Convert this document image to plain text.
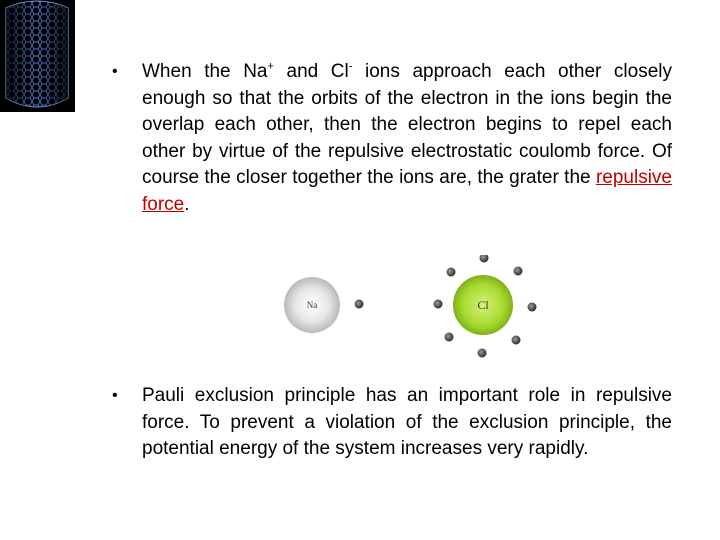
• When the Na+ and Cl- ions approach each other closely enough so that the orbits of the electron in the ions begin the overlap each other, then the electron begins to repel each other by virtue of the repulsive electrostatic coulomb force. Of course the closer together the ions are, the grater the repulsive force.
Na	Cl
• Pauli exclusion principle has an important role in repulsive force. To prevent a violation of the exclusion principle, the potential energy of the system increases very rapidly.
